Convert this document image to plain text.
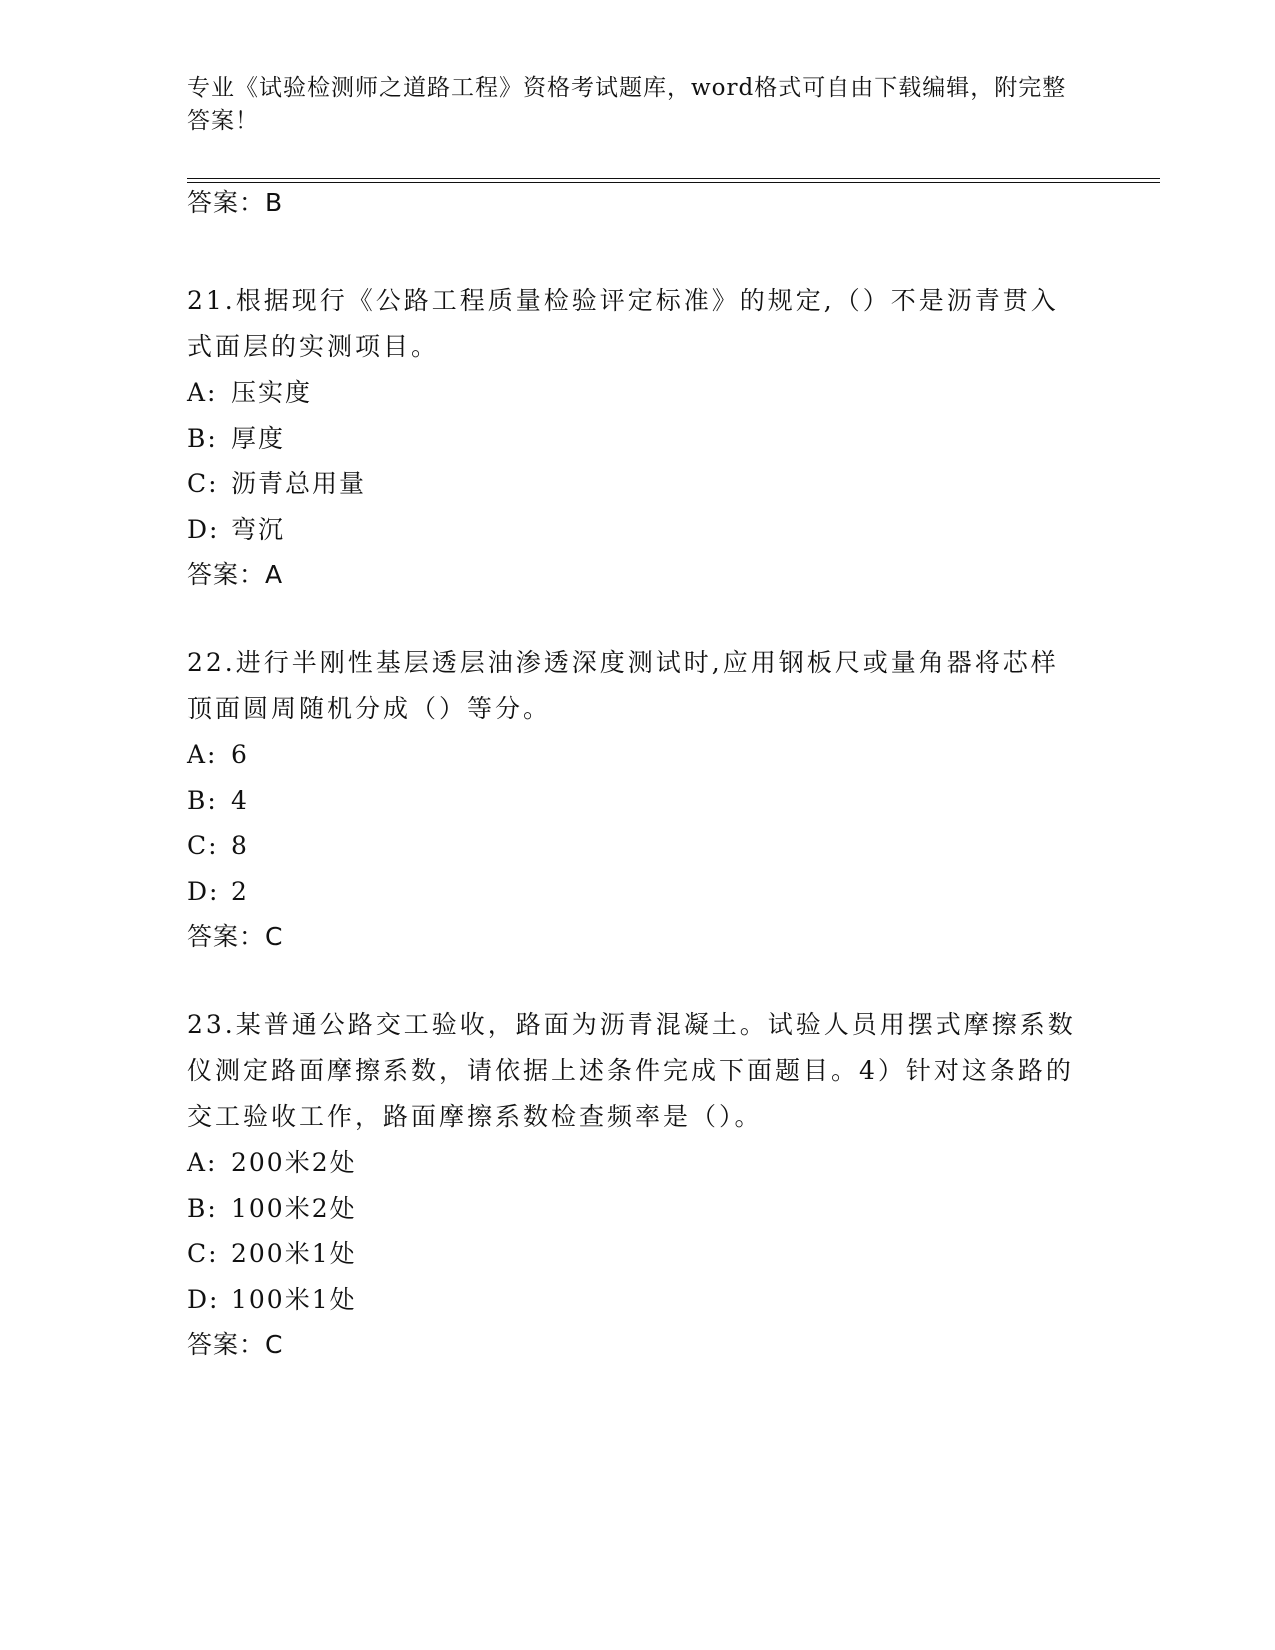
专业《试验检测师之道路工程》资格考试题库，word格式可自由下载编辑，附完整答案！
答案：B
21.根据现行《公路工程质量检验评定标准》的规定,（）不是沥青贯入式面层的实测项目。
A: 压实度
B: 厚度
C: 沥青总用量
D: 弯沉
答案：A
22.进行半刚性基层透层油渗透深度测试时,应用钢板尺或量角器将芯样顶面圆周随机分成（）等分。
A: 6
B: 4
C: 8
D: 2
答案：C
23.某普通公路交工验收，路面为沥青混凝土。试验人员用摆式摩擦系数仪测定路面摩擦系数，请依据上述条件完成下面题目。4）针对这条路的交工验收工作，路面摩擦系数检查频率是（）。
A: 200米2处
B: 100米2处
C: 200米1处
D: 100米1处
答案：C
